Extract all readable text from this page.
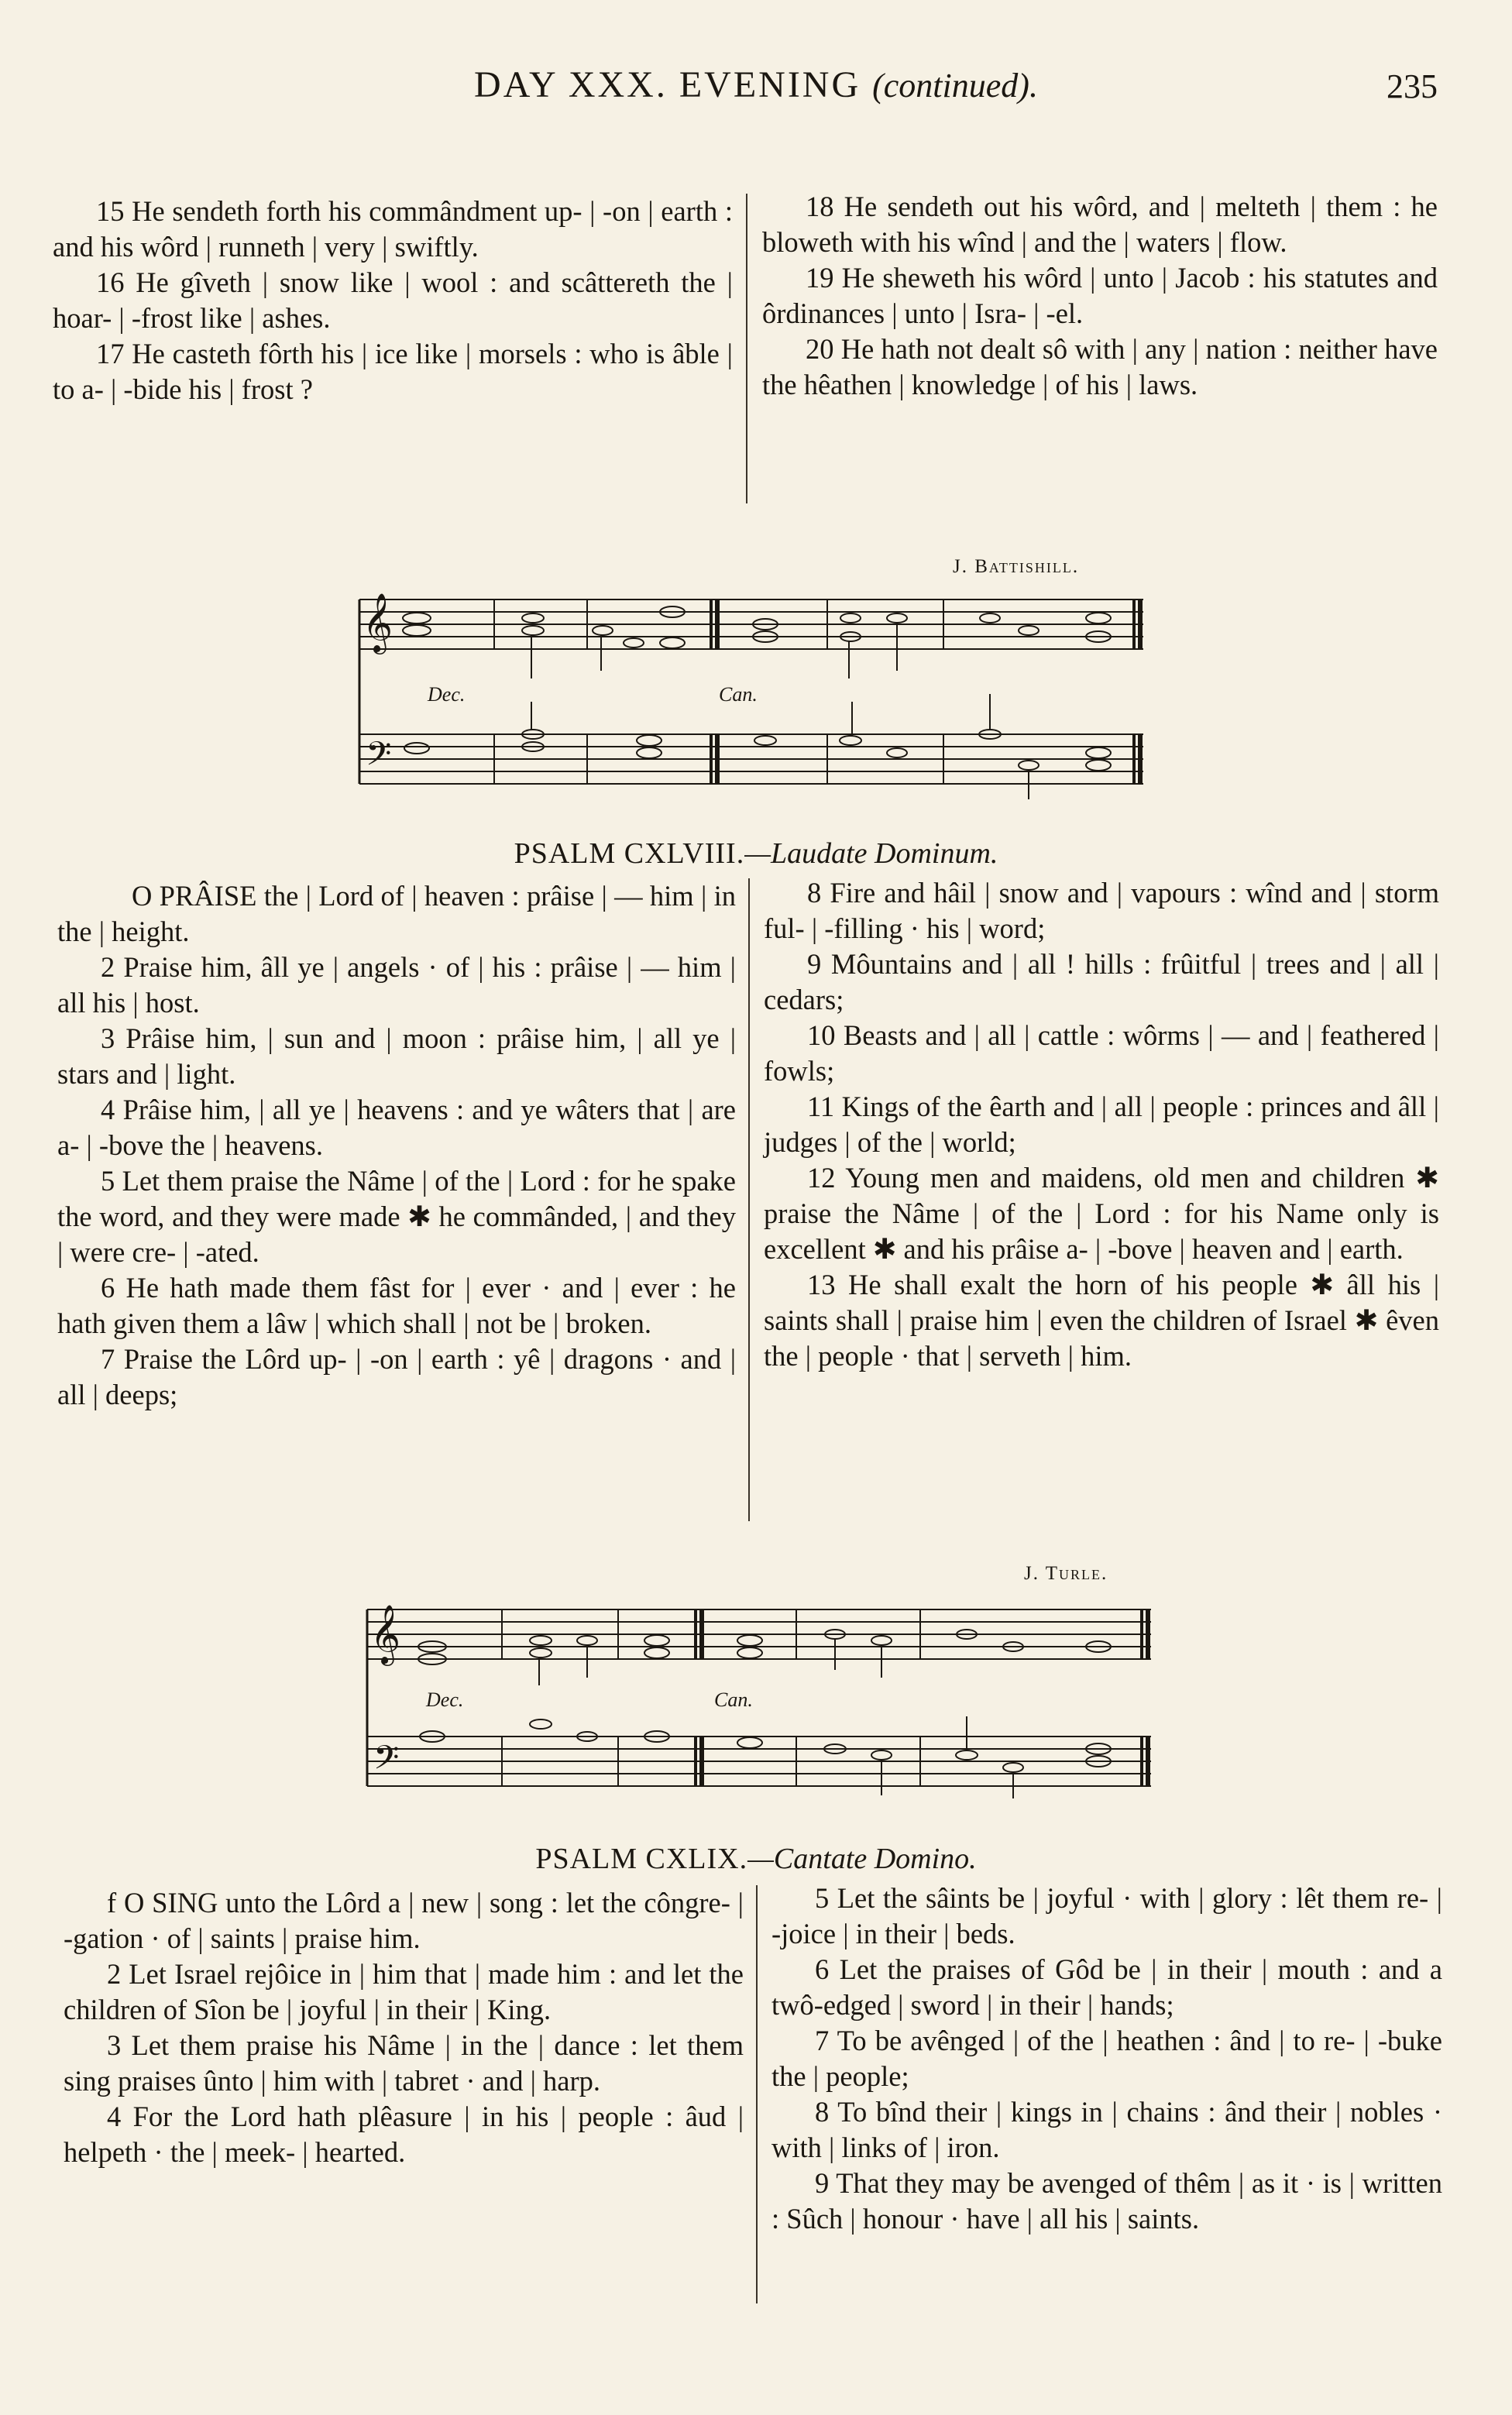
DAY XXX. EVENING (continued).	235

15 He sendeth forth his commândment up- | -on | earth : and his wôrd | runneth | very | swiftly.

16 He gîveth | snow like | wool : and scâttereth the | hoar- | -frost like | ashes.

17 He casteth fôrth his | ice like | morsels : who is âble | to a- | -bide his | frost ?

18 He sendeth out his wôrd, and | melteth | them : he bloweth with his wînd | and the | waters | flow.

19 He sheweth his wôrd | unto | Jacob : his statutes and ôrdinances | unto | Isra- | -el.

20 He hath not dealt sô with | any | nation : neither have the hêathen | knowledge | of his | laws.

J. Battishill.
𝄞
𝄢
Dec.	Can.
PSALM CXLVIII.—Laudate Dominum.

O PRÂISE the | Lord of | heaven : prâise | — him | in the | height.

2 Praise him, âll ye | angels · of | his : prâise | — him | all his | host.

3 Prâise him, | sun and | moon : prâise him, | all ye | stars and | light.

4 Prâise him, | all ye | heavens : and ye wâters that | are a- | -bove the | heavens.

5 Let them praise the Nâme | of the | Lord : for he spake the word, and they were made ✱ he commânded, | and they | were cre- | -ated.

6 He hath made them fâst for | ever · and | ever : he hath given them a lâw | which shall | not be | broken.

7 Praise the Lôrd up- | -on | earth : yê | dragons · and | all | deeps;

8 Fire and hâil | snow and | vapours : wînd and | storm ful- | -filling · his | word;

9 Môuntains and | all ! hills : frûitful | trees and | all | cedars;

10 Beasts and | all | cattle : wôrms | — and | feathered | fowls;

11 Kings of the êarth and | all | people : princes and âll | judges | of the | world;

12 Young men and maidens, old men and children ✱ praise the Nâme | of the | Lord : for his Name only is excellent ✱ and his prâise a- | -bove | heaven and | earth.

13 He shall exalt the horn of his people ✱ âll his | saints shall | praise him | even the children of Israel ✱ êven the | people · that | serveth | him.

J. Turle.
𝄞
𝄢
Dec.	Can.
PSALM CXLIX.—Cantate Domino.

f O SING unto the Lôrd a | new | song : let the côngre- | -gation · of | saints | praise him.

2 Let Israel rejôice in | him that | made him : and let the children of Sîon be | joyful | in their | King.

3 Let them praise his Nâme | in the | dance : let them sing praises ûnto | him with | tabret · and | harp.

4 For the Lord hath plêasure | in his | people : âud | helpeth · the | meek- | hearted.

5 Let the sâints be | joyful · with | glory : lêt them re- | -joice | in their | beds.

6 Let the praises of Gôd be | in their | mouth : and a twô-edged | sword | in their | hands;

7 To be avênged | of the | heathen : ând | to re- | -buke the | people;

8 To bînd their | kings in | chains : ând their | nobles · with | links of | iron.

9 That they may be avenged of thêm | as it · is | written : Sûch | honour · have | all his | saints.
